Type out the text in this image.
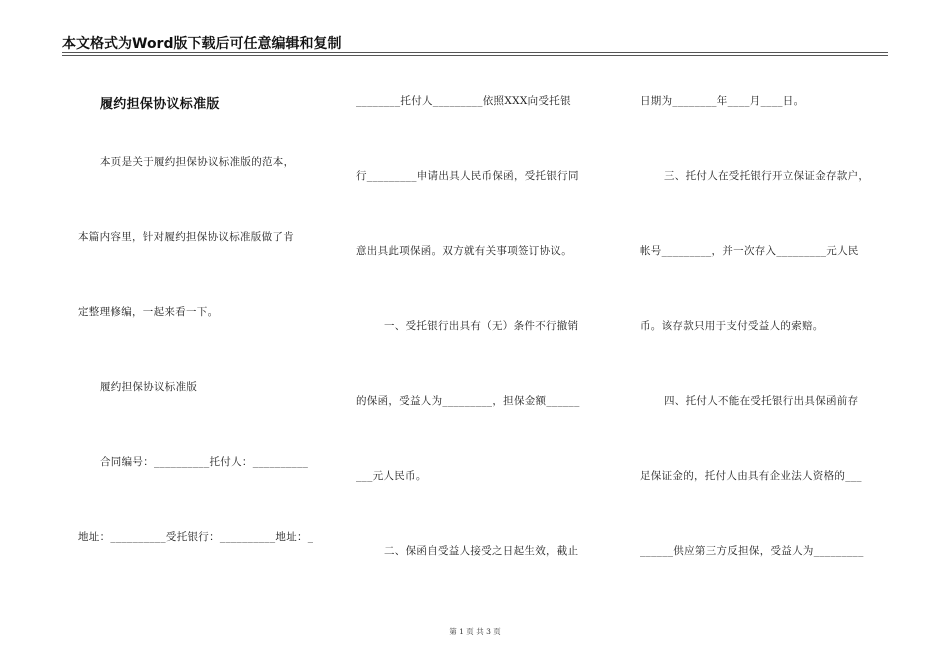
本文格式为Word版下载后可任意编辑和复制
履约担保协议标准版
本页是关于履约担保协议标准版的范本，
本篇内容里，针对履约担保协议标准版做了肯
定整理修编，一起来看一下。
履约担保协议标准版
合同编号：__________托付人：__________
地址：__________受托银行：__________地址：_
________托付人_________依照XXX向受托银
行_________申请出具人民币保函，受托银行同
意出具此项保函。双方就有关事项签订协议。
一、受托银行出具有（无）条件不行撤销
的保函，受益人为_________，担保金额______
___元人民币。
二、保函自受益人接受之日起生效，截止
日期为________年____月____日。
三、托付人在受托银行开立保证金存款户，
帐号_________，并一次存入_________元人民
币。该存款只用于支付受益人的索赔。
四、托付人不能在受托银行出具保函前存
足保证金的，托付人由具有企业法人资格的___
______供应第三方反担保，受益人为_________
第 1 页 共 3 页
